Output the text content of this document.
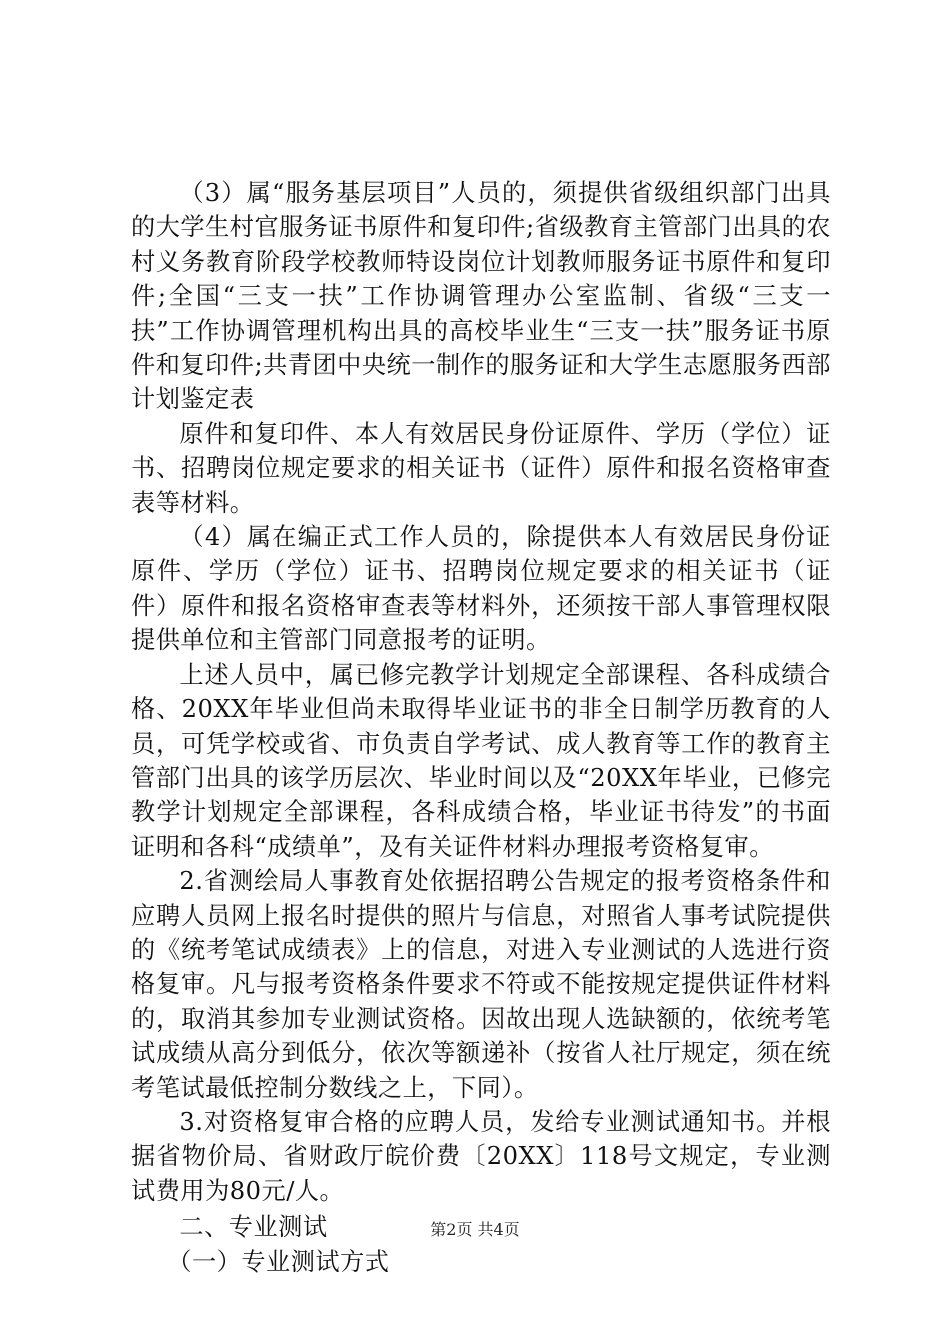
（3）属“服务基层项目”人员的，须提供省级组织部门出具的大学生村官服务证书原件和复印件;省级教育主管部门出具的农村义务教育阶段学校教师特设岗位计划教师服务证书原件和复印件;全国“三支一扶”工作协调管理办公室监制、省级“三支一扶”工作协调管理机构出具的高校毕业生“三支一扶”服务证书原件和复印件;共青团中央统一制作的服务证和大学生志愿服务西部计划鉴定表

原件和复印件、本人有效居民身份证原件、学历（学位）证书、招聘岗位规定要求的相关证书（证件）原件和报名资格审查表等材料。

（4）属在编正式工作人员的，除提供本人有效居民身份证原件、学历（学位）证书、招聘岗位规定要求的相关证书（证件）原件和报名资格审查表等材料外，还须按干部人事管理权限提供单位和主管部门同意报考的证明。

上述人员中，属已修完教学计划规定全部课程、各科成绩合格、20XX年毕业但尚未取得毕业证书的非全日制学历教育的人员，可凭学校或省、市负责自学考试、成人教育等工作的教育主管部门出具的该学历层次、毕业时间以及“20XX年毕业，已修完教学计划规定全部课程，各科成绩合格，毕业证书待发”的书面证明和各科“成绩单”，及有关证件材料办理报考资格复审。

2.省测绘局人事教育处依据招聘公告规定的报考资格条件和应聘人员网上报名时提供的照片与信息，对照省人事考试院提供的《统考笔试成绩表》上的信息，对进入专业测试的人选进行资格复审。凡与报考资格条件要求不符或不能按规定提供证件材料的，取消其参加专业测试资格。因故出现人选缺额的，依统考笔试成绩从高分到低分，依次等额递补（按省人社厅规定，须在统考笔试最低控制分数线之上，下同）。

3.对资格复审合格的应聘人员，发给专业测试通知书。并根据省物价局、省财政厅皖价费〔20XX〕118号文规定，专业测试费用为80元/人。

二、专业测试

（一）专业测试方式

第2页 共4页
